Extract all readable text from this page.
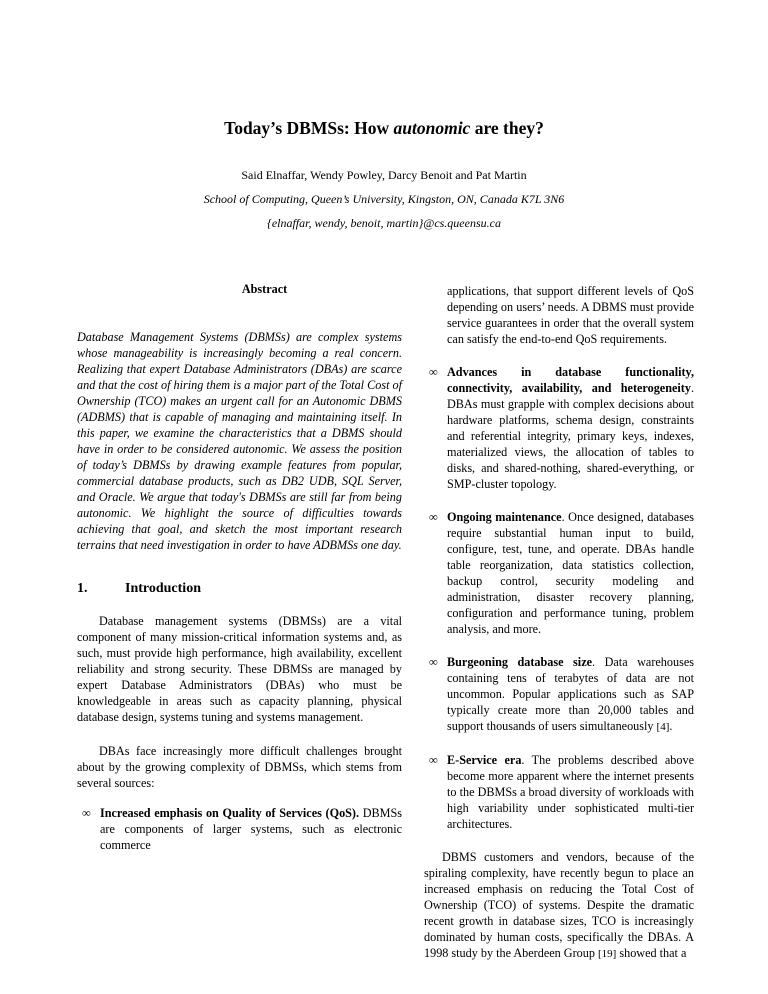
Today’s DBMSs: How autonomic are they?
Said Elnaffar, Wendy Powley, Darcy Benoit and Pat Martin
School of Computing, Queen’s University, Kingston, ON, Canada K7L 3N6
{elnaffar, wendy, benoit, martin}@cs.queensu.ca
Abstract

Database Management Systems (DBMSs) are complex systems whose manageability is increasingly becoming a real concern. Realizing that expert Database Administrators (DBAs) are scarce and that the cost of hiring them is a major part of the Total Cost of Ownership (TCO) makes an urgent call for an Autonomic DBMS (ADBMS) that is capable of managing and maintaining itself. In this paper, we examine the characteristics that a DBMS should have in order to be considered autonomic. We assess the position of today’s DBMSs by drawing example features from popular, commercial database products, such as DB2 UDB, SQL Server, and Oracle. We argue that today's DBMSs are still far from being autonomic. We highlight the source of difficulties towards achieving that goal, and sketch the most important research terrains that need investigation in order to have ADBMSs one day.

1.	Introduction

Database management systems (DBMSs) are a vital component of many mission-critical information systems and, as such, must provide high performance, high availability, excellent reliability and strong security. These DBMSs are managed by expert Database Administrators (DBAs) who must be knowledgeable in areas such as capacity planning, physical database design, systems tuning and systems management.

DBAs face increasingly more difficult challenges brought about by the growing complexity of DBMSs, which stems from several sources:

∞ Increased emphasis on Quality of Services (QoS). DBMSs are components of larger systems, such as electronic commerce

applications, that support different levels of QoS depending on users’ needs. A DBMS must provide service guarantees in order that the overall system can satisfy the end-to-end QoS requirements.

∞ Advances in database functionality, connectivity, availability, and heterogeneity. DBAs must grapple with complex decisions about hardware platforms, schema design, constraints and referential integrity, primary keys, indexes, materialized views, the allocation of tables to disks, and shared-nothing, shared-everything, or SMP-cluster topology.
∞ Ongoing maintenance. Once designed, databases require substantial human input to build, configure, test, tune, and operate. DBAs handle table reorganization, data statistics collection, backup control, security modeling and administration, disaster recovery planning, configuration and performance tuning, problem analysis, and more.
∞ Burgeoning database size. Data warehouses containing tens of terabytes of data are not uncommon. Popular applications such as SAP typically create more than 20,000 tables and support thousands of users simultaneously [4].
∞ E-Service era. The problems described above become more apparent where the internet presents to the DBMSs a broad diversity of workloads with high variability under sophisticated multi-tier architectures.

DBMS customers and vendors, because of the spiraling complexity, have recently begun to place an increased emphasis on reducing the Total Cost of Ownership (TCO) of systems. Despite the dramatic recent growth in database sizes, TCO is increasingly dominated by human costs, specifically the DBAs. A 1998 study by the Aberdeen Group [19] showed that a
